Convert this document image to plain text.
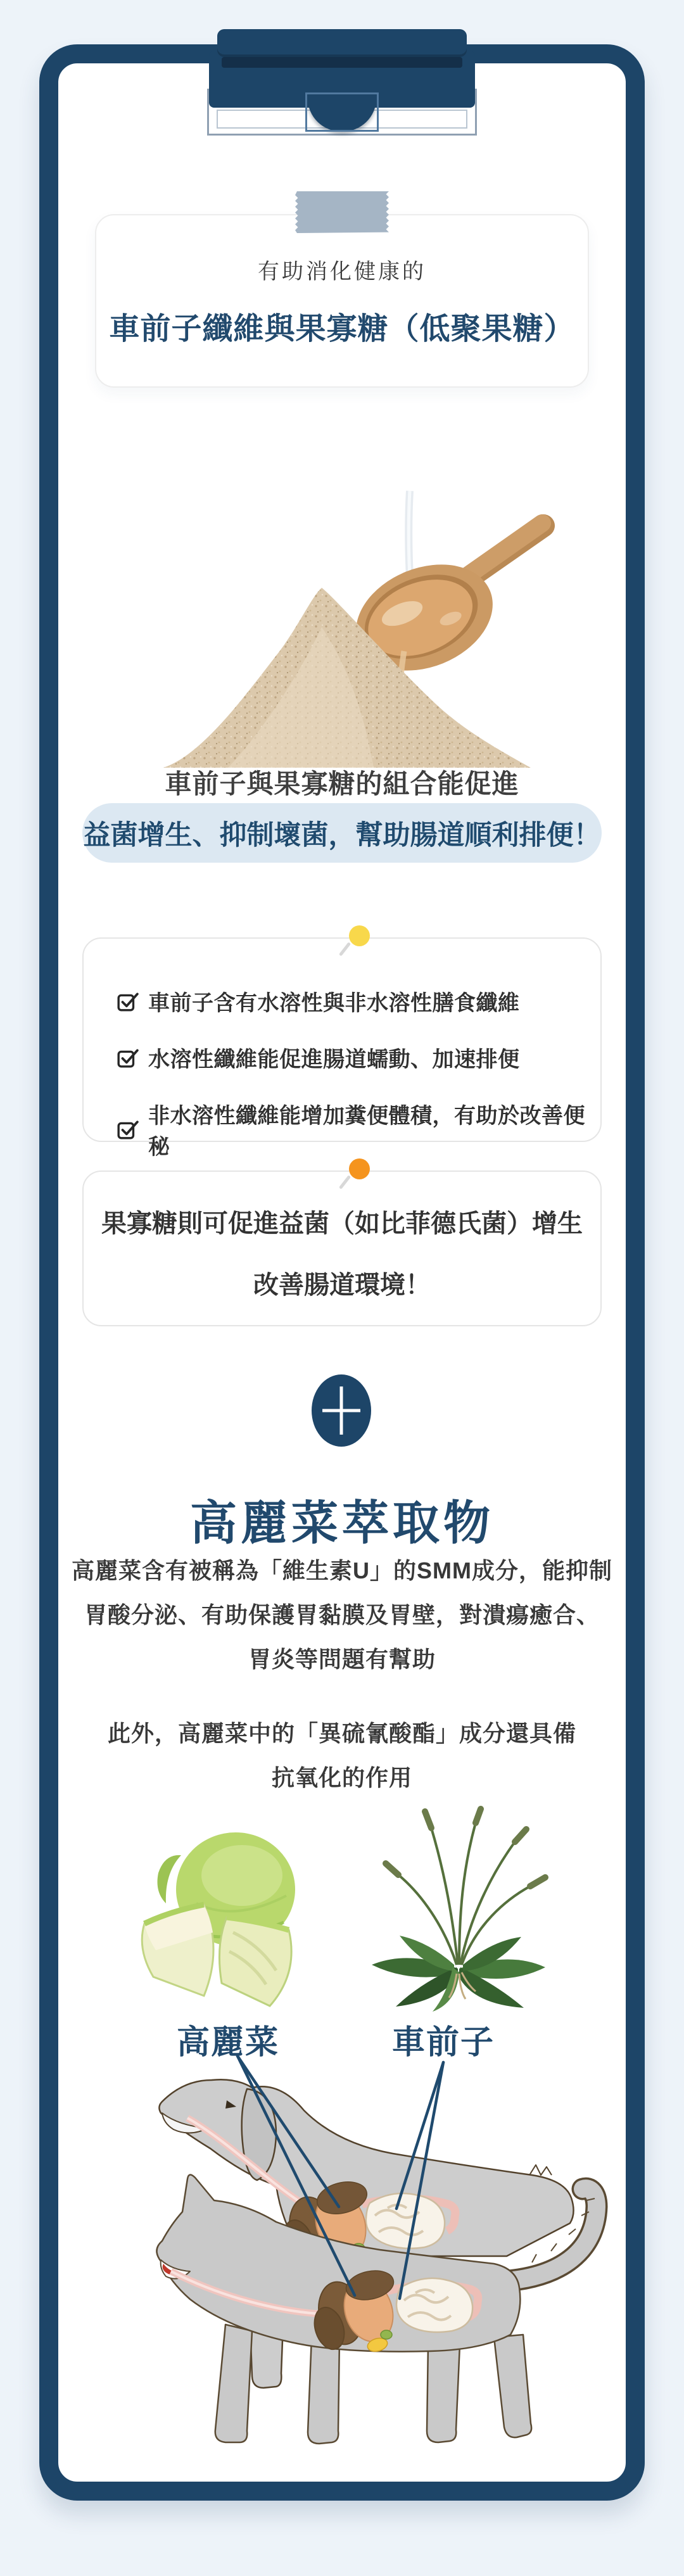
有助消化健康的
車前子纖維與果寡糖（低聚果糖）
車前子與果寡糖的組合能促進
益菌增生、抑制壞菌，幫助腸道順利排便！
車前子含有水溶性與非水溶性膳食纖維
水溶性纖維能促進腸道蠕動、加速排便
非水溶性纖維能增加糞便體積，有助於改善便秘
果寡糖則可促進益菌（如比菲德氏菌）增生
改善腸道環境！
高麗菜萃取物
高麗菜含有被稱為「維生素U」的SMM成分，能抑制
胃酸分泌、有助保護胃黏膜及胃壁，對潰瘍癒合、
胃炎等問題有幫助
此外，高麗菜中的「異硫氰酸酯」成分還具備
抗氧化的作用
高麗菜	車前子
